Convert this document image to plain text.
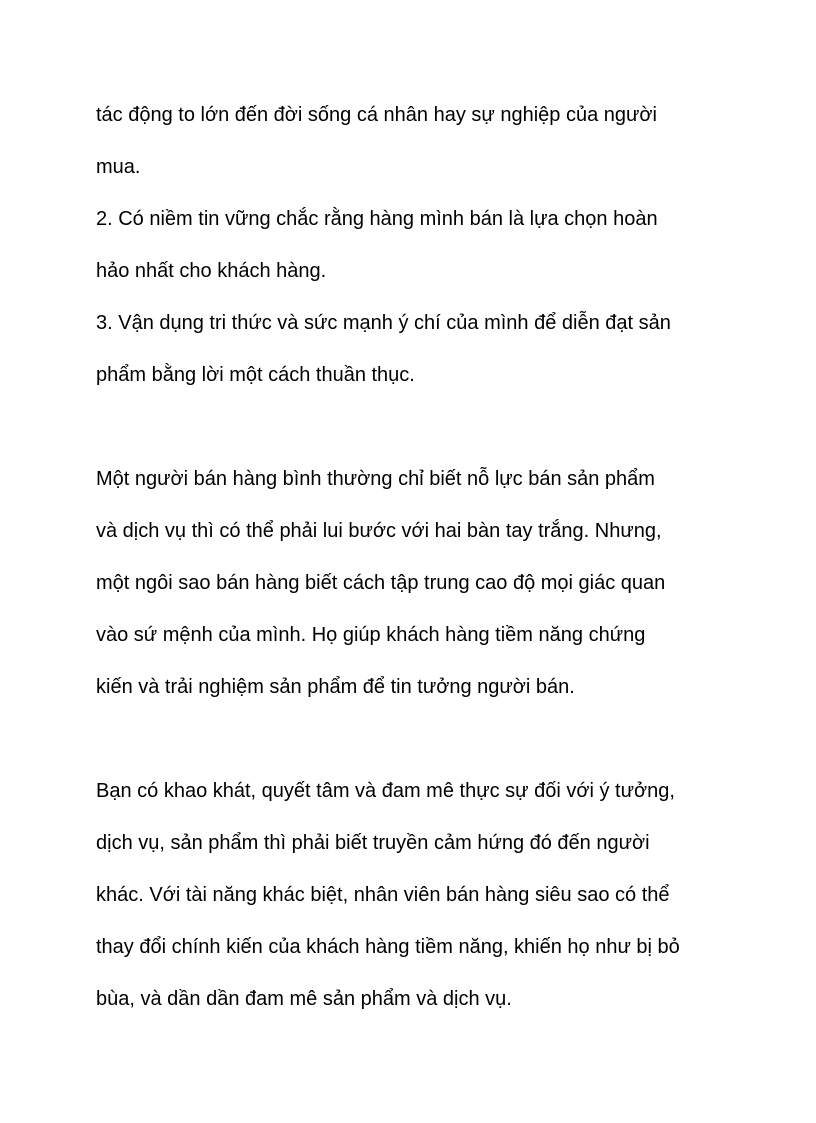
tác động to lớn đến đời sống cá nhân hay sự nghiệp của người
mua.
2. Có niềm tin vững chắc rằng hàng mình bán là lựa chọn hoàn
hảo nhất cho khách hàng.
3. Vận dụng tri thức và sức mạnh ý chí của mình để diễn đạt sản
phẩm bằng lời một cách thuần thục.
Một người bán hàng bình thường chỉ biết nỗ lực bán sản phẩm
và dịch vụ thì có thể phải lui bước với hai bàn tay trắng. Nhưng,
một ngôi sao bán hàng biết cách tập trung cao độ mọi giác quan
vào sứ mệnh của mình. Họ giúp khách hàng tiềm năng chứng
kiến và trải nghiệm sản phẩm để tin tưởng người bán.
Bạn có khao khát, quyết tâm và đam mê thực sự đối với ý tưởng,
dịch vụ, sản phẩm thì phải biết truyền cảm hứng đó đến người
khác. Với tài năng khác biệt, nhân viên bán hàng siêu sao có thể
thay đổi chính kiến của khách hàng tiềm năng, khiến họ như bị bỏ
bùa, và dần dần đam mê sản phẩm và dịch vụ.
